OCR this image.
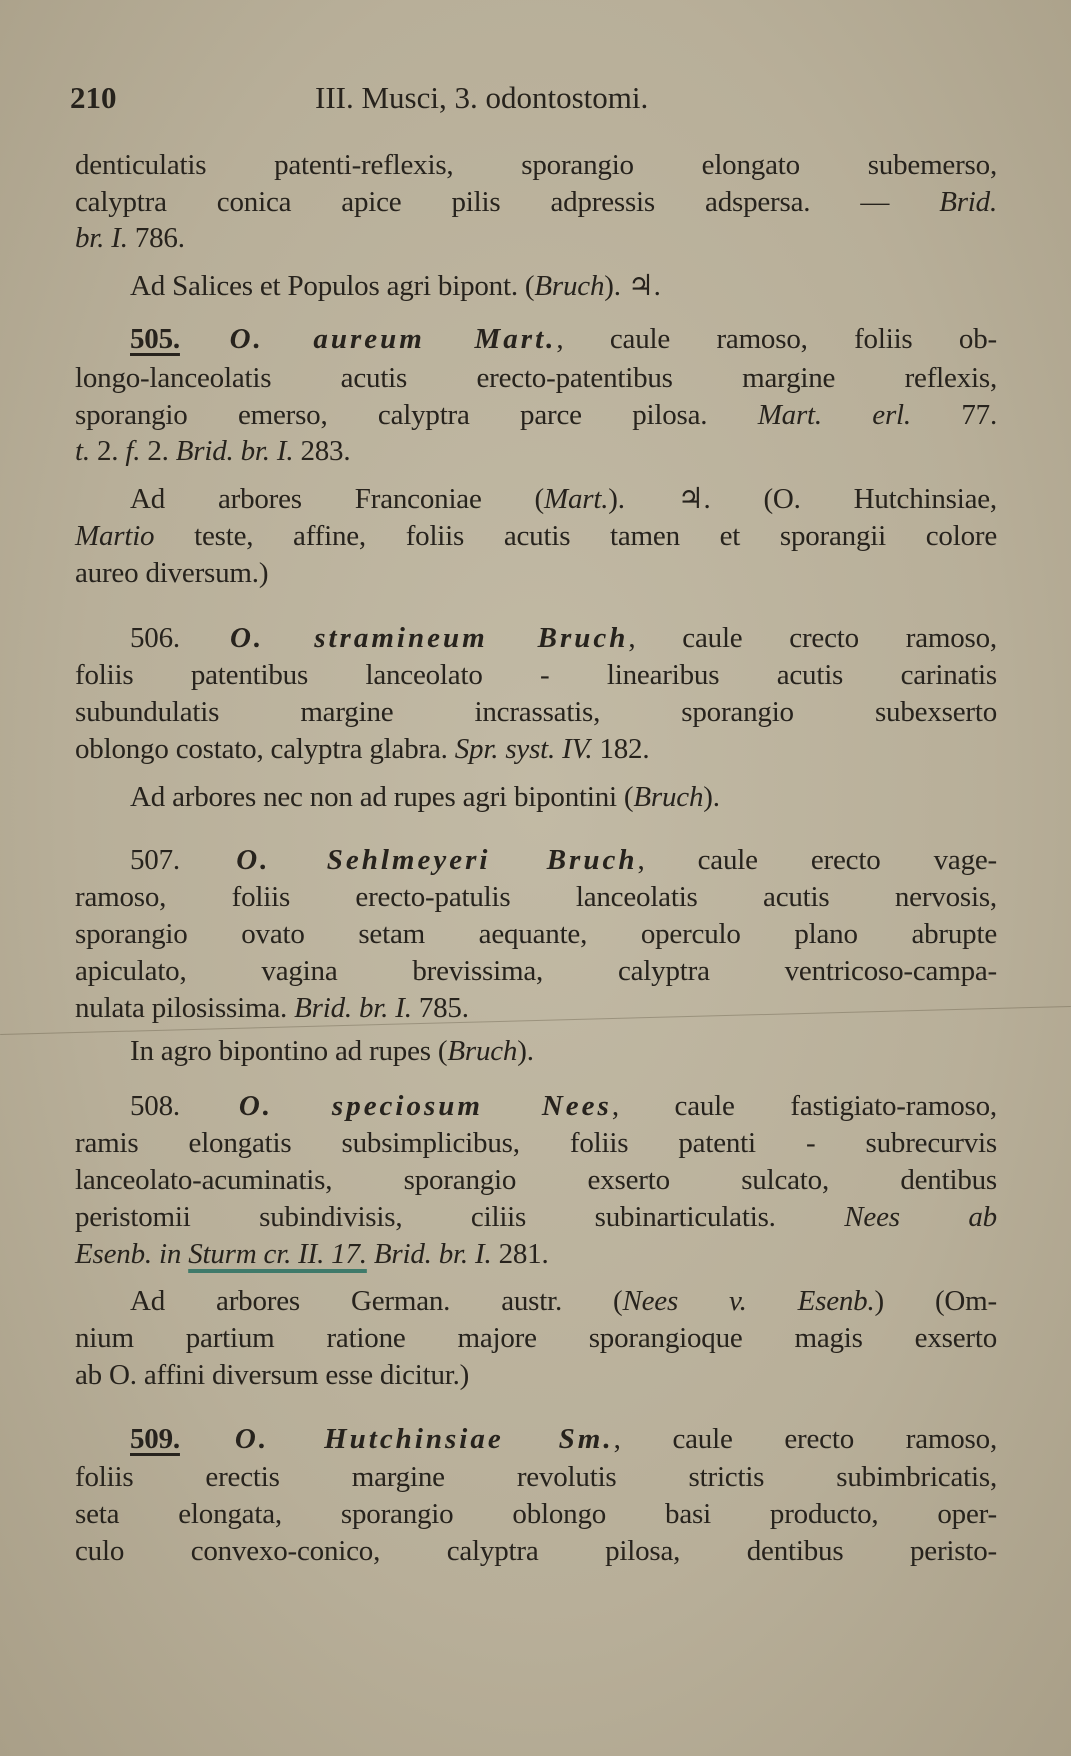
210	III. Musci, 3. odontostomi.
denticulatis patenti-reflexis, sporangio elongato subemerso,
calyptra conica apice pilis adpressis adspersa. — Brid.
br. I. 786.
Ad Salices et Populos agri bipont. (Bruch). ♃.
505. O. aureum Mart., caule ramoso, foliis ob-
longo-lanceolatis acutis erecto-patentibus margine reflexis,
sporangio emerso, calyptra parce pilosa. Mart. erl. 77.
t. 2. f. 2. Brid. br. I. 283.
Ad arbores Franconiae (Mart.). ♃. (O. Hutchinsiae,
Martio teste, affine, foliis acutis tamen et sporangii colore
aureo diversum.)
506. O. stramineum Bruch, caule crecto ramoso,
foliis patentibus lanceolato - linearibus acutis carinatis
subundulatis margine incrassatis, sporangio subexserto
oblongo costato, calyptra glabra. Spr. syst. IV. 182.
Ad arbores nec non ad rupes agri bipontini (Bruch).
507. O. Sehlmeyeri Bruch, caule erecto vage-
ramoso, foliis erecto-patulis lanceolatis acutis nervosis,
sporangio ovato setam aequante, operculo plano abrupte
apiculato, vagina brevissima, calyptra ventricoso-campa-
nulata pilosissima. Brid. br. I. 785.
In agro bipontino ad rupes (Bruch).
508. O. speciosum Nees, caule fastigiato-ramoso,
ramis elongatis subsimplicibus, foliis patenti - subrecurvis
lanceolato-acuminatis, sporangio exserto sulcato, dentibus
peristomii subindivisis, ciliis subinarticulatis. Nees ab
Esenb. in Sturm cr. II. 17. Brid. br. I. 281.
Ad arbores German. austr. (Nees v. Esenb.) (Om-
nium partium ratione majore sporangioque magis exserto
ab O. affini diversum esse dicitur.)
509. O. Hutchinsiae Sm., caule erecto ramoso,
foliis erectis margine revolutis strictis subimbricatis,
seta elongata, sporangio oblongo basi producto, oper-
culo convexo-conico, calyptra pilosa, dentibus peristo-
